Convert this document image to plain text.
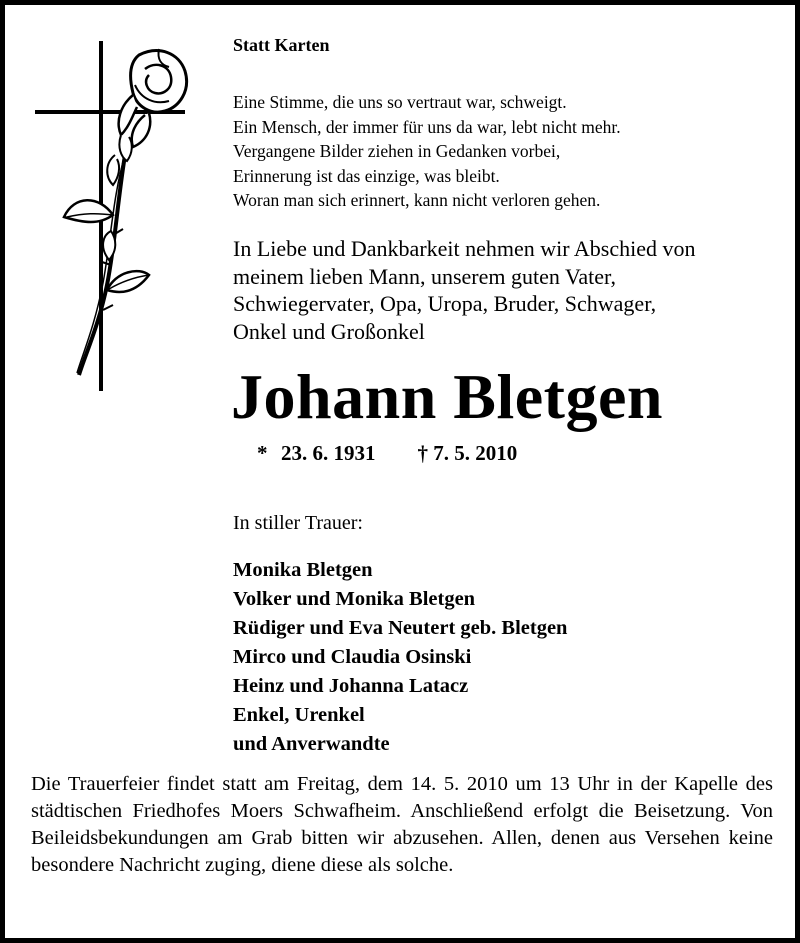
Statt Karten
Eine Stimme, die uns so vertraut war, schweigt.
Ein Mensch, der immer für uns da war, lebt nicht mehr.
Vergangene Bilder ziehen in Gedanken vorbei,
Erinnerung ist das einzige, was bleibt.
Woran man sich erinnert, kann nicht verloren gehen.
In Liebe und Dankbarkeit nehmen wir Abschied von
meinem lieben Mann, unserem guten Vater,
Schwiegervater, Opa, Uropa, Bruder, Schwager,
Onkel und Großonkel
Johann Bletgen
* 23. 6. 1931 † 7. 5. 2010
In stiller Trauer:
Monika Bletgen
Volker und Monika Bletgen
Rüdiger und Eva Neutert geb. Bletgen
Mirco und Claudia Osinski
Heinz und Johanna Latacz
Enkel, Urenkel
und Anverwandte
Die Trauerfeier findet statt am Freitag, dem 14. 5. 2010 um 13 Uhr in der Kapelle des städtischen Friedhofes Moers Schwafheim. Anschließend erfolgt die Beisetzung. Von Beileidsbekundungen am Grab bitten wir abzusehen. Allen, denen aus Versehen keine besondere Nachricht zuging, diene diese als solche.
